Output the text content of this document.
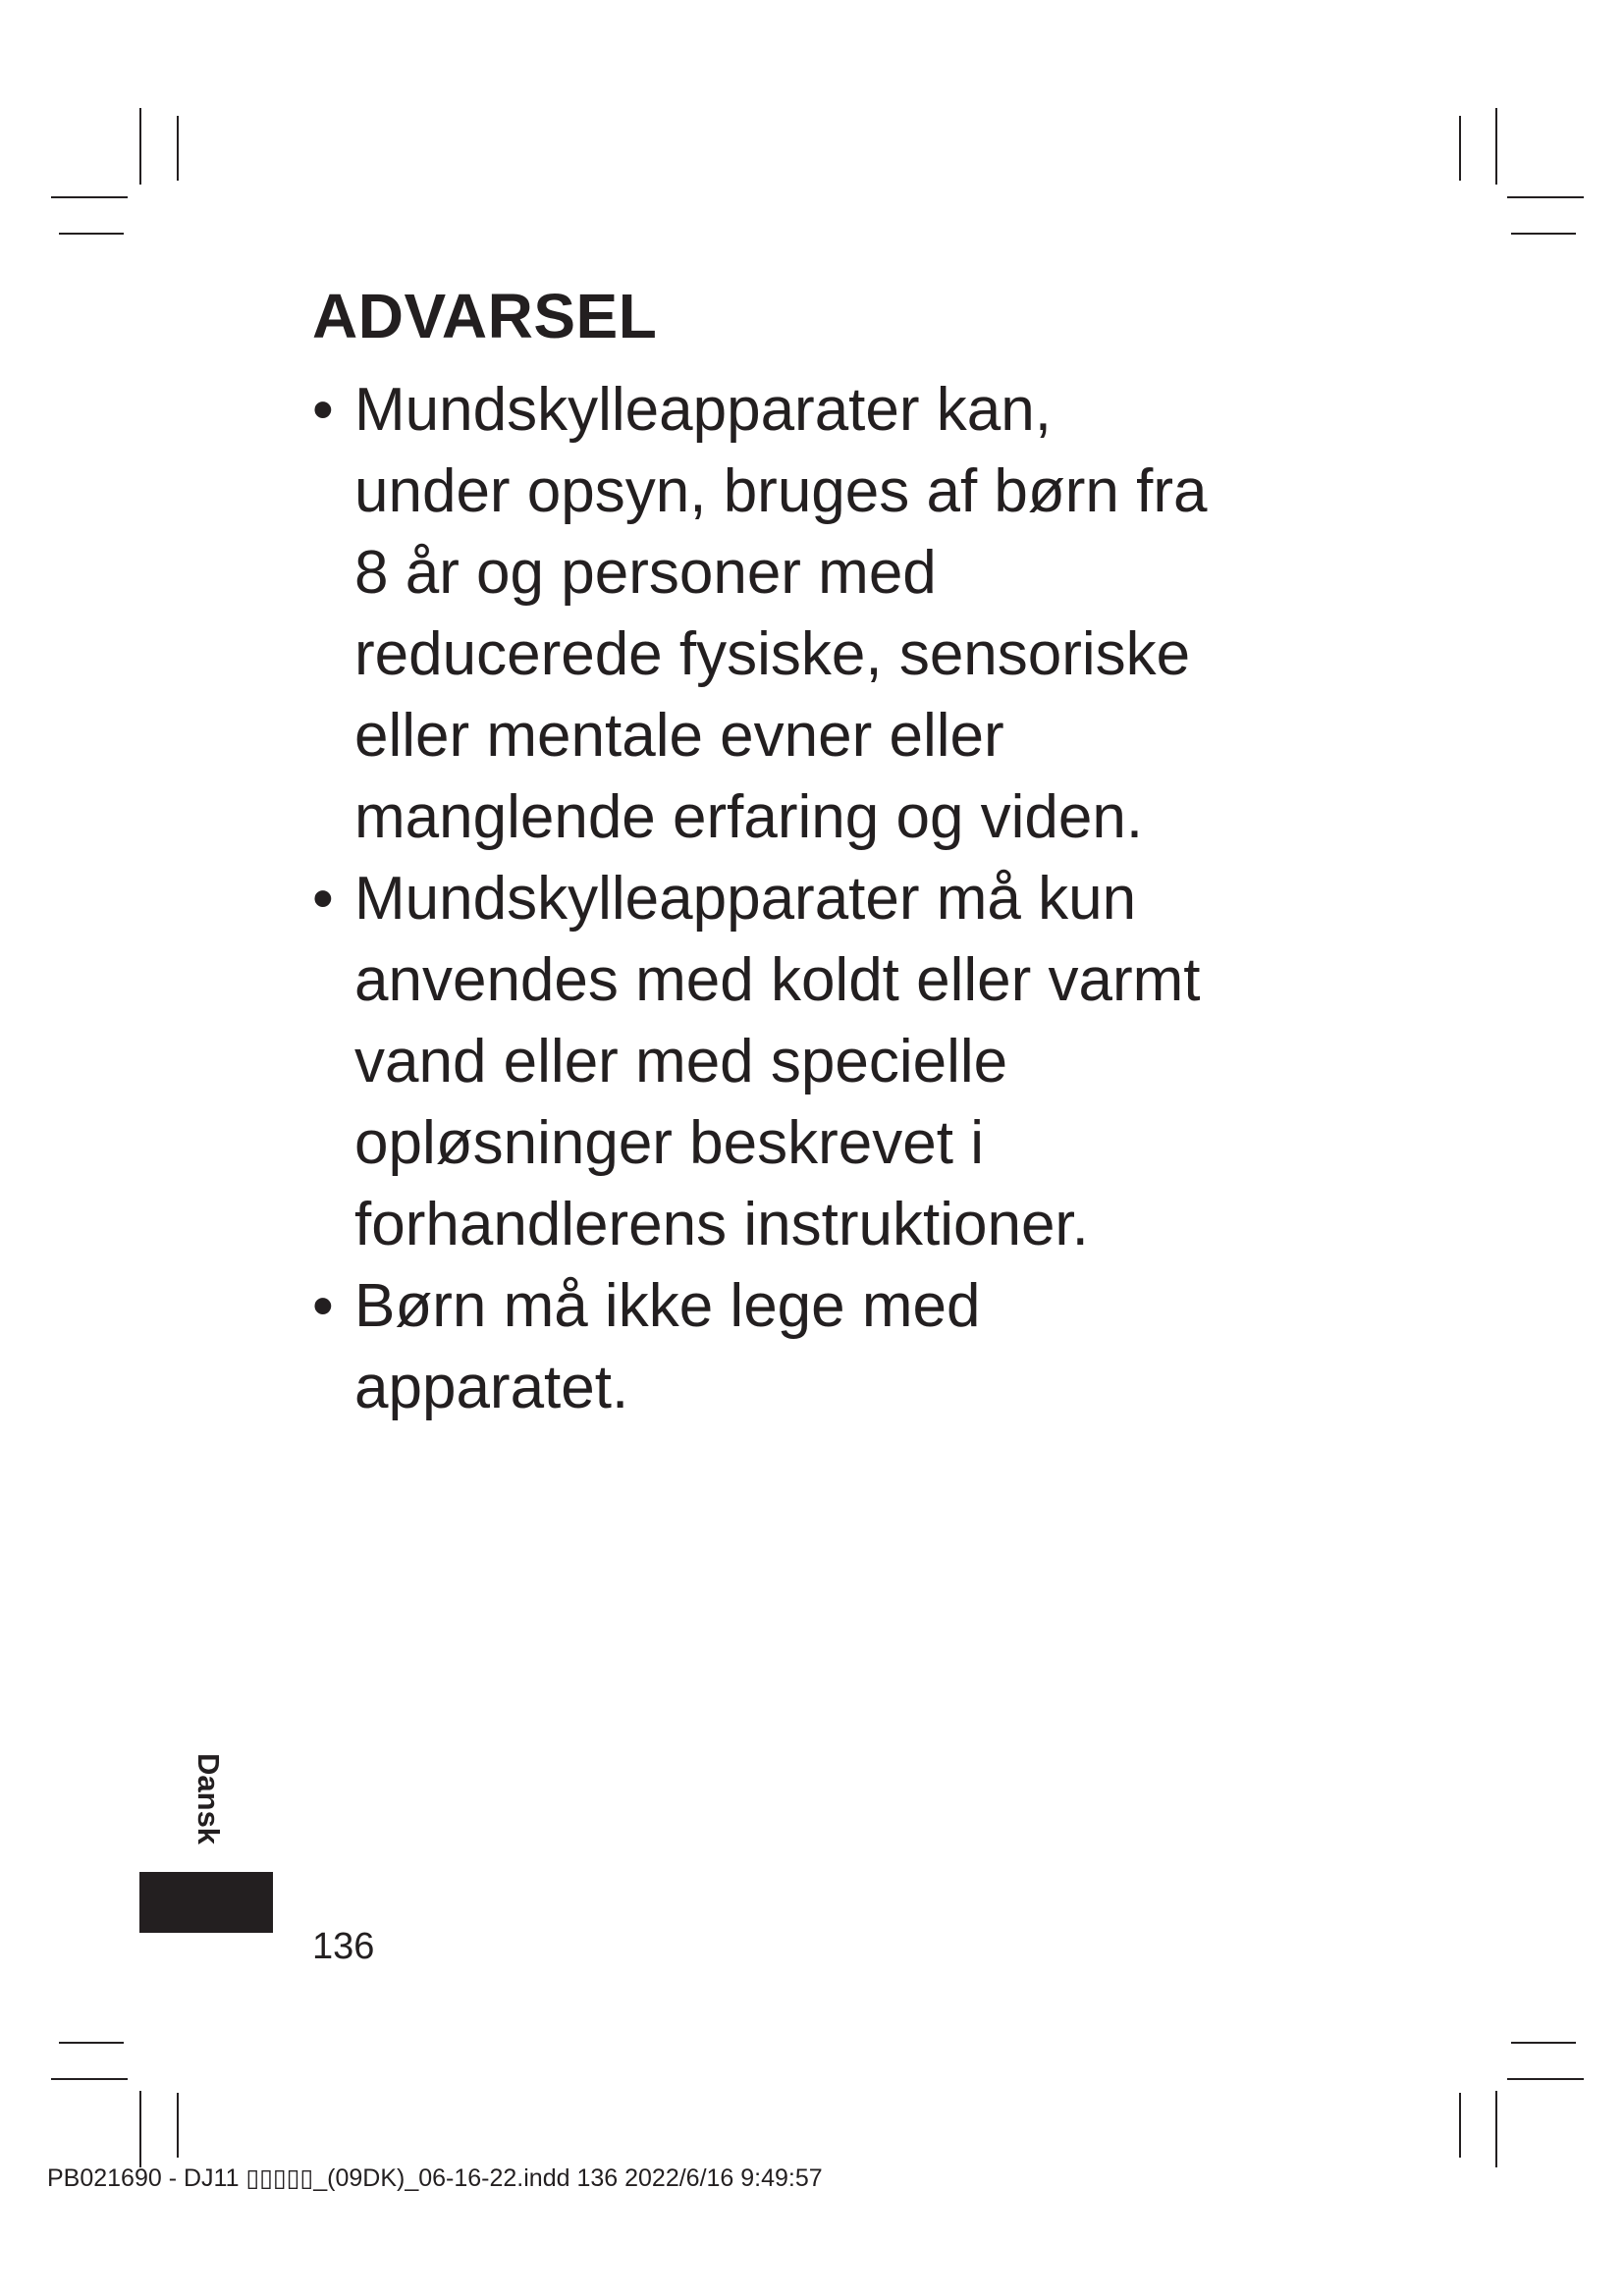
ADVARSEL
• Mundskylleapparater kan,
under opsyn, bruges af børn fra
8 år og personer med
reducerede fysiske, sensoriske
eller mentale evner eller
manglende erfaring og viden.
• Mundskylleapparater må kun
anvendes med koldt eller varmt
vand eller med specielle
opløsninger beskrevet i
forhandlerens instruktioner.
• Børn må ikke lege med
apparatet.
Dansk
136
PB021690 - DJ11 ▯▯▯▯▯_(09DK)_06-16-22.indd 136 2022/6/16 9:49:57
